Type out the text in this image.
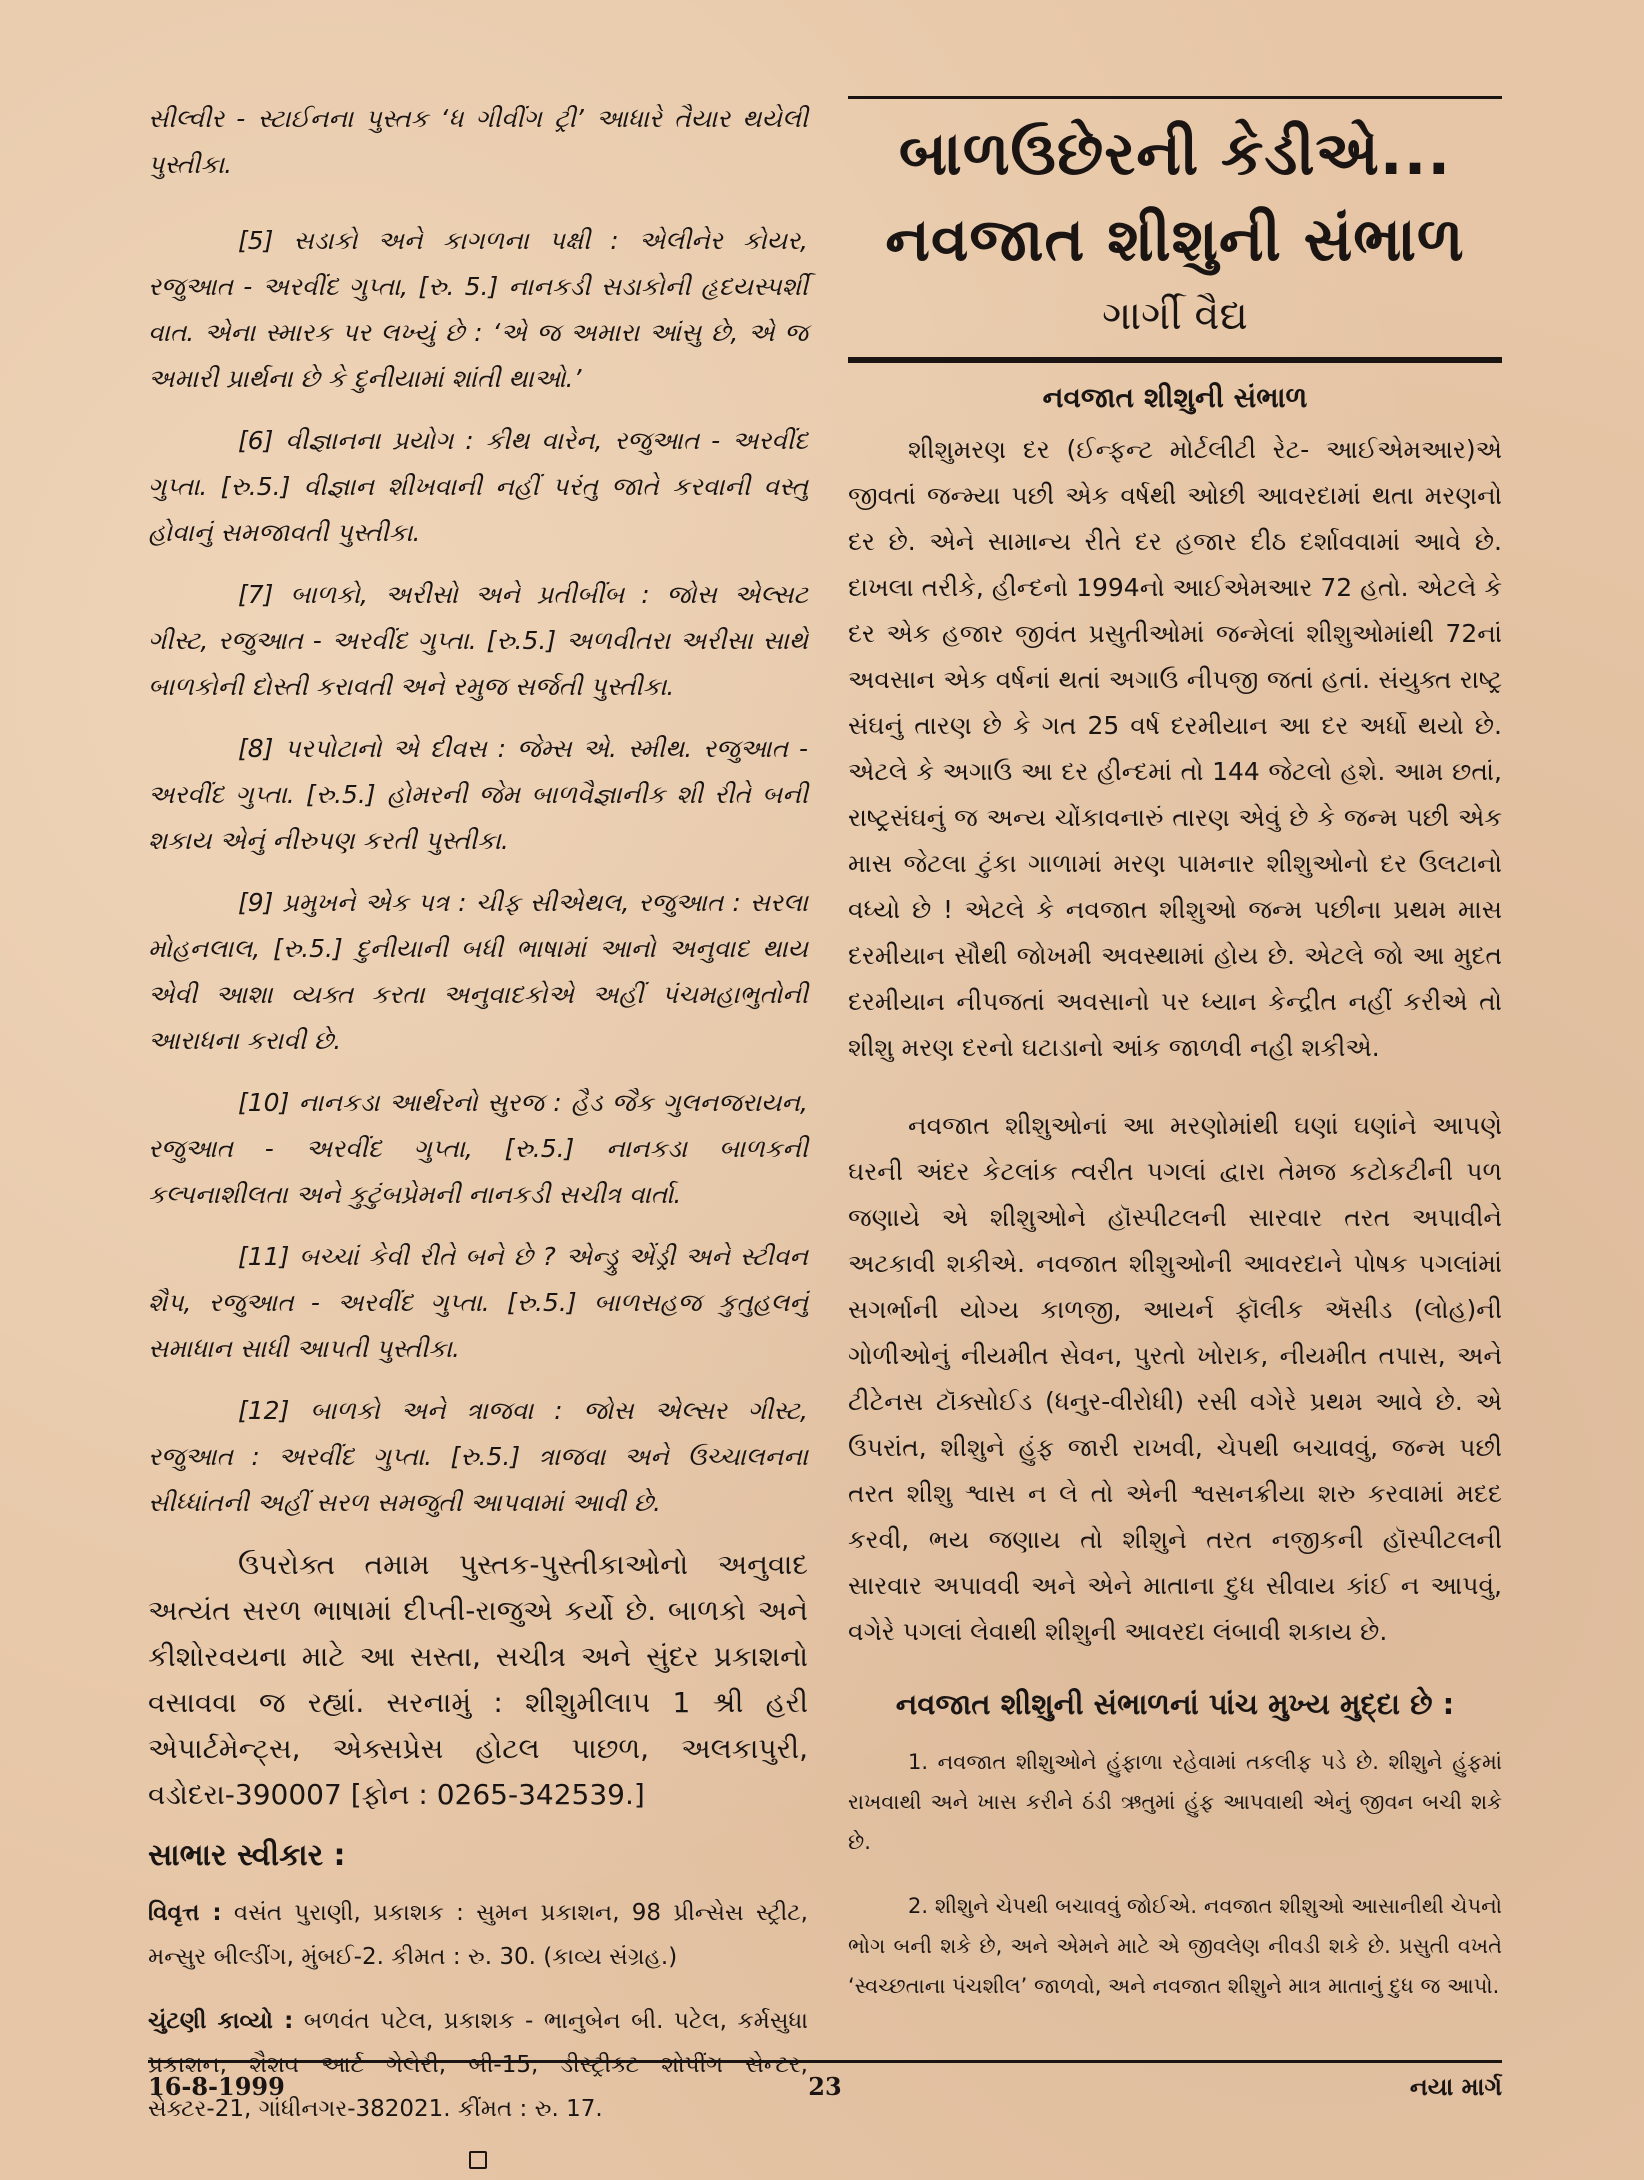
સીલ્વીર - સ્ટાઈનના પુસ્તક ‘ધ ગીવીંગ ટ્રી’ આધારે તૈયાર થયેલી પુસ્તીકા.

[5] સડાકો અને કાગળના પક્ષી : એલીનેર કોયર, રજુઆત - અરવીંદ ગુપ્તા, [રુ. 5.] નાનકડી સડાકોની હૃદયસ્પર્શી વાત. એના સ્મારક પર લખ્યું છે : ‘એ જ અમારા આંસુ છે, એ જ અમારી પ્રાર્થના છે કે દુનીયામાં શાંતી થાઓ.’

[6] વીજ્ઞાનના પ્રયોગ : કીથ વારેન, રજુઆત - અરવીંદ ગુપ્તા. [રુ.5.] વીજ્ઞાન શીખવાની નહીં પરંતુ જાતે કરવાની વસ્તુ હોવાનું સમજાવતી પુસ્તીકા.

[7] બાળકો, અરીસો અને પ્રતીબીંબ : જોસ એલ્સટ ગીસ્ટ, રજુઆત - અરવીંદ ગુપ્તા. [રુ.5.] અળવીતરા અરીસા સાથે બાળકોની દોસ્તી કરાવતી અને રમુજ સર્જતી પુસ્તીકા.

[8] પરપોટાનો એ દીવસ : જેમ્સ એ. સ્મીથ. રજુઆત - અરવીંદ ગુપ્તા. [રુ.5.] હોમરની જેમ બાળવૈજ્ઞાનીક શી રીતે બની શકાય એનું નીરુપણ કરતી પુસ્તીકા.

[9] પ્રમુખને એક પત્ર : ચીફ સીએથલ, રજુઆત : સરલા મોહનલાલ, [રુ.5.] દુનીયાની બધી ભાષામાં આનો અનુવાદ થાય એવી આશા વ્યક્ત કરતા અનુવાદકોએ અહીં પંચમહાભુતોની આરાધના કરાવી છે.

[10] નાનકડા આર્થરનો સુરજ : હૈડ જૈક ગુલનજરાયન, રજુઆત - અરવીંદ ગુપ્તા, [રુ.5.] નાનકડા બાળકની કલ્પનાશીલતા અને કુટુંબપ્રેમની નાનકડી સચીત્ર વાર્તા.

[11] બચ્ચાં કેવી રીતે બને છે ? એન્ડ્રુ એંડ્રી અને સ્ટીવન શૈપ, રજુઆત - અરવીંદ ગુપ્તા. [રુ.5.] બાળસહજ કુતુહલનું સમાધાન સાધી આપતી પુસ્તીકા.

[12] બાળકો અને ત્રાજવા : જોસ એલ્સર ગીસ્ટ, રજુઆત : અરવીંદ ગુપ્તા. [રુ.5.] ત્રાજવા અને ઉચ્ચાલનના સીધ્ધાંતની અહીં સરળ સમજુતી આપવામાં આવી છે.

ઉપરોક્ત તમામ પુસ્તક-પુસ્તીકાઓનો અનુવાદ અત્યંત સરળ ભાષામાં દીપ્તી-રાજુએ કર્યો છે. બાળકો અને કીશોરવયના માટે આ સસ્તા, સચીત્ર અને સુંદર પ્રકાશનો વસાવવા જ રહ્યાં. સરનામું : શીશુમીલાપ 1 શ્રી હરી એપાર્ટમેન્ટ્સ, એક્સપ્રેસ હોટલ પાછળ, અલકાપુરી, વડોદરા-390007 [ફોન : 0265-342539.]

સાભાર સ્વીકાર :

વિવૃત્ત : વસંત પુરાણી, પ્રકાશક : સુમન પ્રકાશન, 98 પ્રીન્સેસ સ્ટ્રીટ, મન્સુર બીલ્ડીંગ, મુંબઈ-2. કીમત : રુ. 30. (કાવ્ય સંગ્રહ.)

ચુંટણી કાવ્યો : બળવંત પટેલ, પ્રકાશક - ભાનુબેન બી. પટેલ, કર્મસુધા પ્રકાશન, શૈશવ આર્ટ ગેલેરી, બી-15, ડીસ્ટ્રીક્ટ શોપીંગ સેન્ટર, સેક્ટર-21, ગાંધીનગર-382021. કીંમત : રુ. 17.

બાળઉછેરની કેડીએ...
નવજાત શીશુની સંભાળ
ગાર્ગી વૈદ્ય
નવજાત શીશુની સંભાળ

શીશુમરણ દર (ઈન્ફન્ટ મોર્ટલીટી રેટ- આઈએમઆર)એ જીવતાં જન્મ્યા પછી એક વર્ષથી ઓછી આવરદામાં થતા મરણનો દર છે. એને સામાન્ય રીતે દર હજાર દીઠ દર્શાવવામાં આવે છે. દાખલા તરીકે, હીન્દનો 1994નો આઈએમઆર 72 હતો. એટલે કે દર એક હજાર જીવંત પ્રસુતીઓમાં જન્મેલાં શીશુઓમાંથી 72નાં અવસાન એક વર્ષનાં થતાં અગાઉ નીપજી જતાં હતાં. સંયુક્ત રાષ્ટ્ર સંઘનું તારણ છે કે ગત 25 વર્ષ દરમીયાન આ દર અર્ધો થયો છે. એટલે કે અગાઉ આ દર હીન્દમાં તો 144 જેટલો હશે. આમ છતાં, રાષ્ટ્રસંઘનું જ અન્ય ચોંકાવનારું તારણ એવું છે કે જન્મ પછી એક માસ જેટલા ટુંકા ગાળામાં મરણ પામનાર શીશુઓનો દર ઉલટાનો વધ્યો છે ! એટલે કે નવજાત શીશુઓ જન્મ પછીના પ્રથમ માસ દરમીયાન સૌથી જોખમી અવસ્થામાં હોય છે. એટલે જો આ મુદત દરમીયાન નીપજતાં અવસાનો પર ધ્યાન કેન્દ્રીત નહીં કરીએ તો શીશુ મરણ દરનો ઘટાડાનો આંક જાળવી નહી શકીએ.

નવજાત શીશુઓનાં આ મરણોમાંથી ઘણાં ઘણાંને આપણે ઘરની અંદર કેટલાંક ત્વરીત પગલાં દ્વારા તેમજ કટોકટીની પળ જણાયે એ શીશુઓને હૉસ્પીટલની સારવાર તરત અપાવીને અટકાવી શકીએ. નવજાત શીશુઓની આવરદાને પોષક પગલાંમાં સગર્ભાની યોગ્ય કાળજી, આયર્ન ફૉલીક ઍસીડ (લોહ)ની ગોળીઓનું નીયમીત સેવન, પુરતો ખોરાક, નીયમીત તપાસ, અને ટીટેનસ ટૉક્સોઈડ (ધનુર-વીરોધી) રસી વગેરે પ્રથમ આવે છે. એ ઉપરાંત, શીશુને હુંફ જારી રાખવી, ચેપથી બચાવવું, જન્મ પછી તરત શીશુ શ્વાસ ન લે તો એની શ્વસનક્રીયા શરુ કરવામાં મદદ કરવી, ભય જણાય તો શીશુને તરત નજીકની હૉસ્પીટલની સારવાર અપાવવી અને એને માતાના દુધ સીવાય કાંઈ ન આપવું, વગેરે પગલાં લેવાથી શીશુની આવરદા લંબાવી શકાય છે.

નવજાત શીશુની સંભાળનાં પાંચ મુખ્ય મુદ્દા છે :

1. નવજાત શીશુઓને હુંફાળા રહેવામાં તકલીફ પડે છે. શીશુને હુંફમાં રાખવાથી અને ખાસ કરીને ઠંડી ઋતુમાં હુંફ આપવાથી એનું જીવન બચી શકે છે.

2. શીશુને ચેપથી બચાવવું જોઈએ. નવજાત શીશુઓ આસાનીથી ચેપનો ભોગ બની શકે છે, અને એમને માટે એ જીવલેણ નીવડી શકે છે. પ્રસુતી વખતે ‘સ્વચ્છતાના પંચશીલ’ જાળવો, અને નવજાત શીશુને માત્ર માતાનું દુધ જ આપો.

16-8-1999	23	નયા માર્ગ
